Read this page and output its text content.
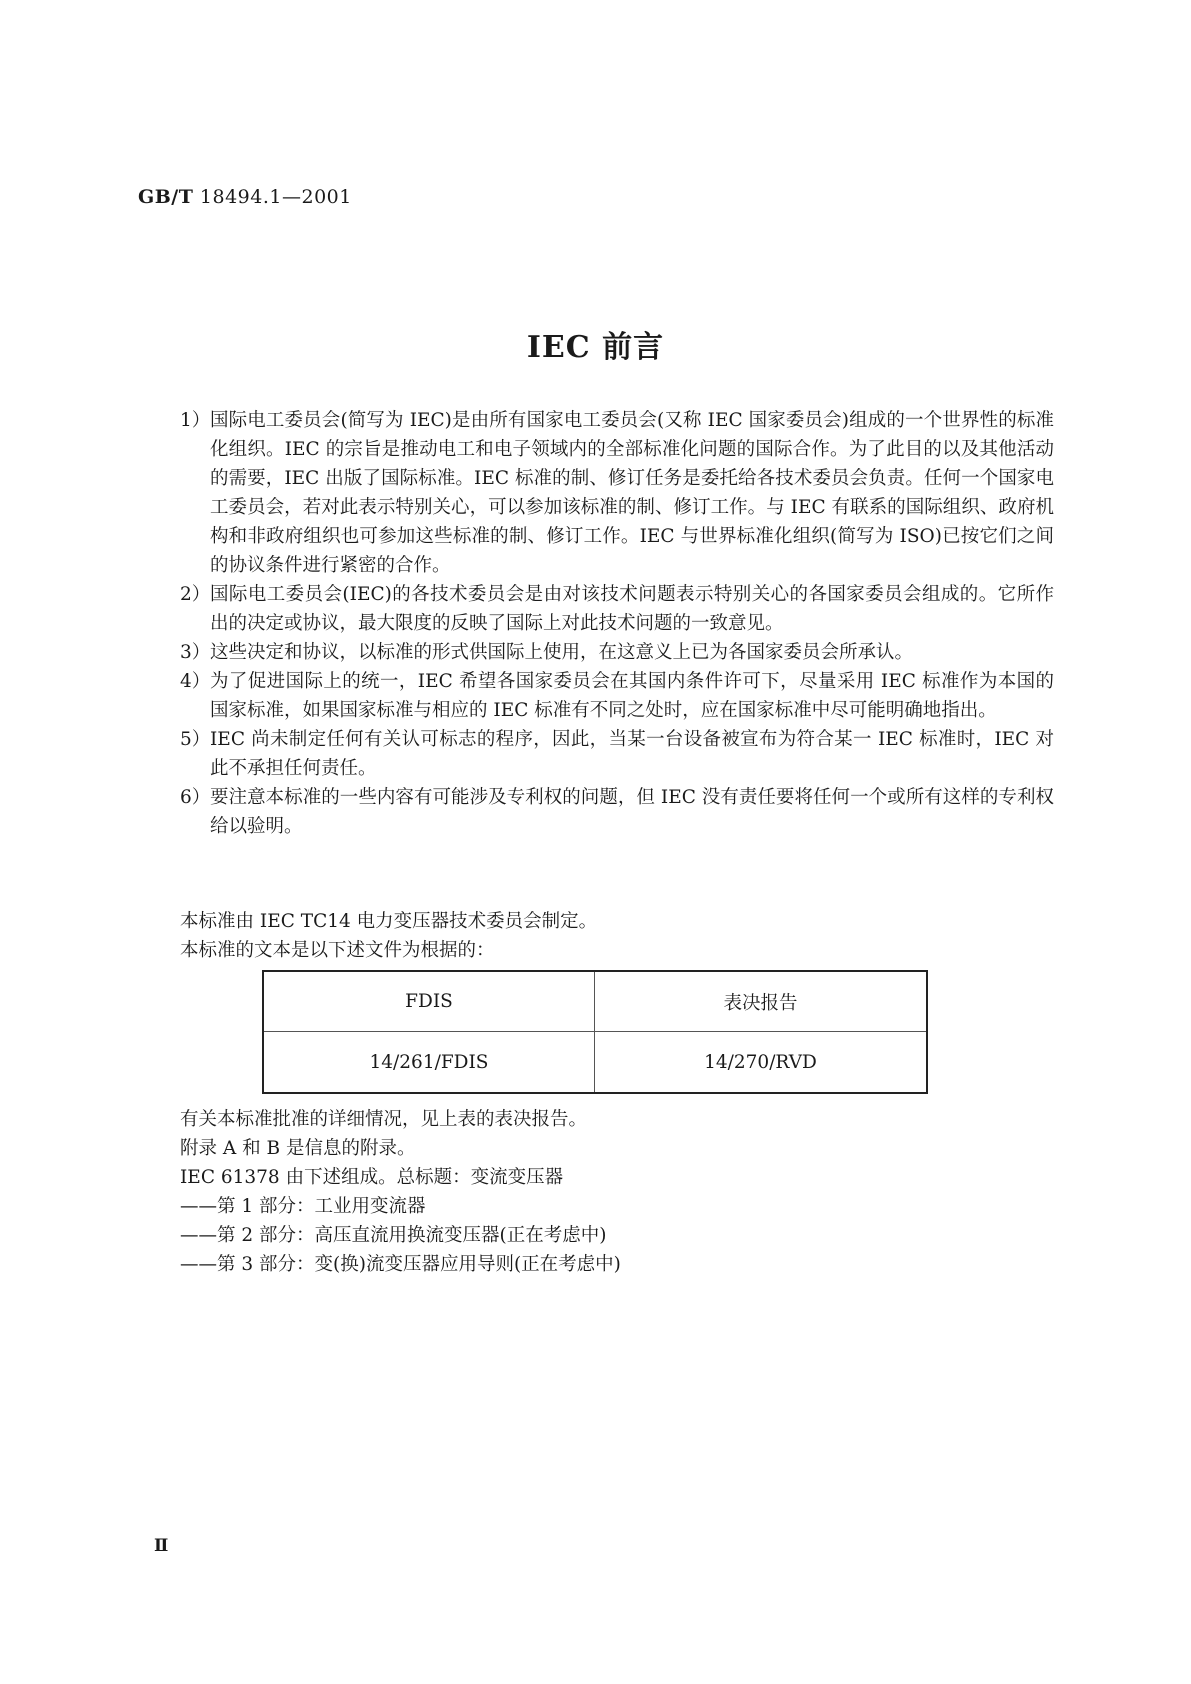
GB/T 18494.1—2001
IEC 前言
1） 国际电工委员会(简写为 IEC)是由所有国家电工委员会(又称 IEC 国家委员会)组成的一个世界性的标准化组织。IEC 的宗旨是推动电工和电子领域内的全部标准化问题的国际合作。为了此目的以及其他活动的需要，IEC 出版了国际标准。IEC 标准的制、修订任务是委托给各技术委员会负责。任何一个国家电工委员会，若对此表示特别关心，可以参加该标准的制、修订工作。与 IEC 有联系的国际组织、政府机构和非政府组织也可参加这些标准的制、修订工作。IEC 与世界标准化组织(简写为 ISO)已按它们之间的协议条件进行紧密的合作。
2） 国际电工委员会(IEC)的各技术委员会是由对该技术问题表示特别关心的各国家委员会组成的。它所作出的决定或协议，最大限度的反映了国际上对此技术问题的一致意见。
3） 这些决定和协议，以标准的形式供国际上使用，在这意义上已为各国家委员会所承认。
4） 为了促进国际上的统一，IEC 希望各国家委员会在其国内条件许可下，尽量采用 IEC 标准作为本国的国家标准，如果国家标准与相应的 IEC 标准有不同之处时，应在国家标准中尽可能明确地指出。
5） IEC 尚未制定任何有关认可标志的程序，因此，当某一台设备被宣布为符合某一 IEC 标准时，IEC 对此不承担任何责任。
6） 要注意本标准的一些内容有可能涉及专利权的问题，但 IEC 没有责任要将任何一个或所有这样的专利权给以验明。
本标准由 IEC TC14 电力变压器技术委员会制定。
本标准的文本是以下述文件为根据的：
FDIS	表决报告
14/261/FDIS	14/270/RVD
有关本标准批准的详细情况，见上表的表决报告。
附录 A 和 B 是信息的附录。
IEC 61378 由下述组成。总标题：变流变压器
——第 1 部分：工业用变流器
——第 2 部分：高压直流用换流变压器(正在考虑中)
——第 3 部分：变(换)流变压器应用导则(正在考虑中)
Ⅱ
